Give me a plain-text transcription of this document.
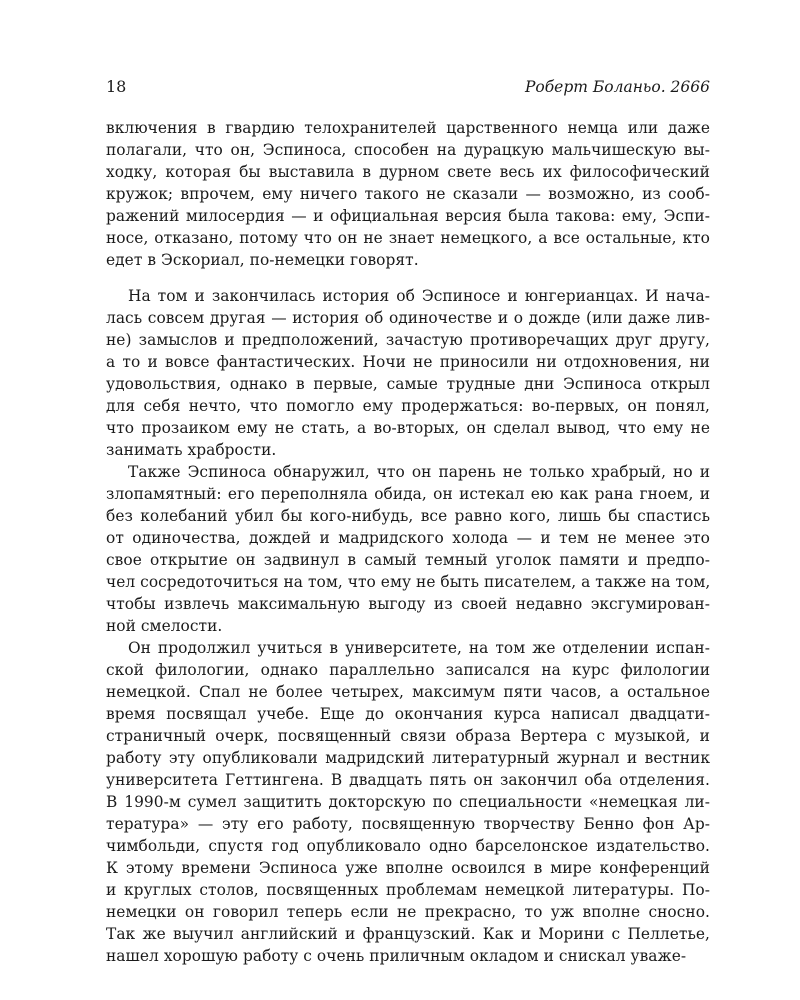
18	Роберт Боланьо. 2666
включения в гвардию телохранителей царственного немца или даже
полагали, что он, Эспиноса, способен на дурацкую мальчишескую вы-
ходку, которая бы выставила в дурном свете весь их философический
кружок; впрочем, ему ничего такого не сказали — возможно, из сооб-
ражений милосердия — и официальная версия была такова: ему, Эспи-
носе, отказано, потому что он не знает немецкого, а все остальные, кто
едет в Эскориал, по-немецки говорят.
На том и закончилась история об Эспиносе и юнгерианцах. И нача-
лась совсем другая — история об одиночестве и о дожде (или даже лив-
не) замыслов и предположений, зачастую противоречащих друг другу,
а то и вовсе фантастических. Ночи не приносили ни отдохновения, ни
удовольствия, однако в первые, самые трудные дни Эспиноса открыл
для себя нечто, что помогло ему продержаться: во-первых, он понял,
что прозаиком ему не стать, а во-вторых, он сделал вывод, что ему не
занимать храбрости.
Также Эспиноса обнаружил, что он парень не только храбрый, но и
злопамятный: его переполняла обида, он истекал ею как рана гноем, и
без колебаний убил бы кого-нибудь, все равно кого, лишь бы спастись
от одиночества, дождей и мадридского холода — и тем не менее это
свое открытие он задвинул в самый темный уголок памяти и предпо-
чел сосредоточиться на том, что ему не быть писателем, а также на том,
чтобы извлечь максимальную выгоду из своей недавно эксгумирован-
ной смелости.
Он продолжил учиться в университете, на том же отделении испан-
ской филологии, однако параллельно записался на курс филологии
немецкой. Спал не более четырех, максимум пяти часов, а остальное
время посвящал учебе. Еще до окончания курса написал двадцати-
страничный очерк, посвященный связи образа Вертера с музыкой, и
работу эту опубликовали мадридский литературный журнал и вестник
университета Геттингена. В двадцать пять он закончил оба отделения.
В 1990-м сумел защитить докторскую по специальности «немецкая ли-
тература» — эту его работу, посвященную творчеству Бенно фон Ар-
чимбольди, спустя год опубликовало одно барселонское издательство.
К этому времени Эспиноса уже вполне освоился в мире конференций
и круглых столов, посвященных проблемам немецкой литературы. По-
немецки он говорил теперь если не прекрасно, то уж вполне сносно.
Так же выучил английский и французский. Как и Морини с Пеллетье,
нашел хорошую работу с очень приличным окладом и снискал уваже-
